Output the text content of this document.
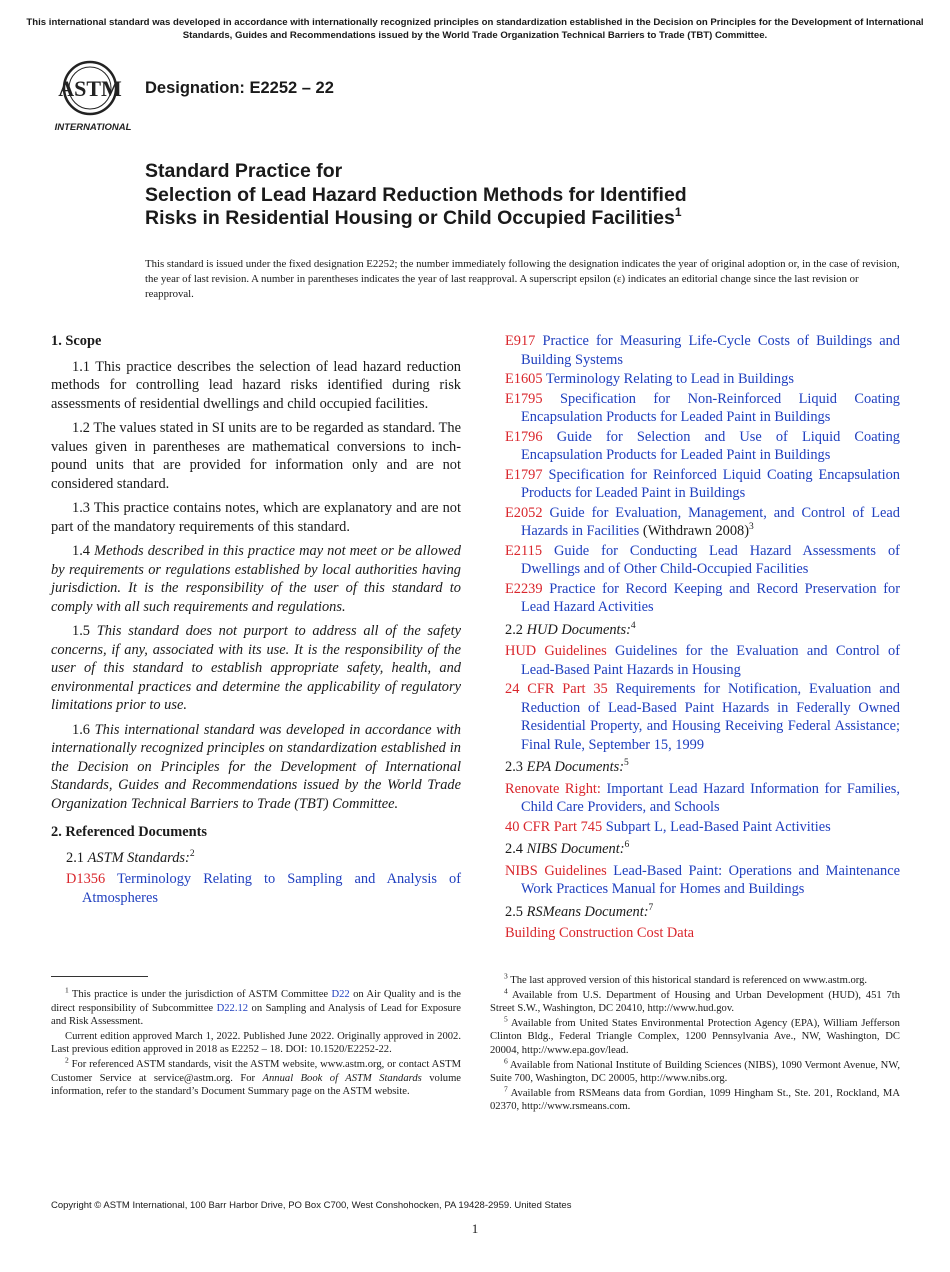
This international standard was developed in accordance with internationally recognized principles on standardization established in the Decision on Principles for the Development of International Standards, Guides and Recommendations issued by the World Trade Organization Technical Barriers to Trade (TBT) Committee.
ASTM
INTERNATIONAL
Designation: E2252 – 22
Standard Practice for
Selection of Lead Hazard Reduction Methods for Identified
Risks in Residential Housing or Child Occupied Facilities$^1$
This standard is issued under the fixed designation E2252; the number immediately following the designation indicates the year of original adoption or, in the case of revision, the year of last revision. A number in parentheses indicates the year of last reapproval. A superscript epsilon (ε) indicates an editorial change since the last revision or reapproval.
1. Scope

1.1 This practice describes the selection of lead hazard reduction methods for controlling lead hazard risks identified during risk assessments of residential dwellings and child occupied facilities.

1.2 The values stated in SI units are to be regarded as standard. The values given in parentheses are mathematical conversions to inch-pound units that are provided for information only and are not considered standard.

1.3 This practice contains notes, which are explanatory and are not part of the mandatory requirements of this standard.

1.4 Methods described in this practice may not meet or be allowed by requirements or regulations established by local authorities having jurisdiction. It is the responsibility of the user of this standard to comply with all such requirements and regulations.

1.5 This standard does not purport to address all of the safety concerns, if any, associated with its use. It is the responsibility of the user of this standard to establish appropriate safety, health, and environmental practices and determine the applicability of regulatory limitations prior to use.

1.6 This international standard was developed in accordance with internationally recognized principles on standardization established in the Decision on Principles for the Development of International Standards, Guides and Recommendations issued by the World Trade Organization Technical Barriers to Trade (TBT) Committee.

2. Referenced Documents
2.1 ASTM Standards:$^2$

D1356 Terminology Relating to Sampling and Analysis of Atmospheres

E917 Practice for Measuring Life-Cycle Costs of Buildings and Building Systems

E1605 Terminology Relating to Lead in Buildings

E1795 Specification for Non-Reinforced Liquid Coating Encapsulation Products for Leaded Paint in Buildings

E1796 Guide for Selection and Use of Liquid Coating Encapsulation Products for Leaded Paint in Buildings

E1797 Specification for Reinforced Liquid Coating Encapsulation Products for Leaded Paint in Buildings

E2052 Guide for Evaluation, Management, and Control of Lead Hazards in Facilities (Withdrawn 2008)$^3$

E2115 Guide for Conducting Lead Hazard Assessments of Dwellings and of Other Child-Occupied Facilities

E2239 Practice for Record Keeping and Record Preservation for Lead Hazard Activities

2.2 HUD Documents:$^4$

HUD Guidelines Guidelines for the Evaluation and Control of Lead-Based Paint Hazards in Housing

24 CFR Part 35 Requirements for Notification, Evaluation and Reduction of Lead-Based Paint Hazards in Federally Owned Residential Property, and Housing Receiving Federal Assistance; Final Rule, September 15, 1999

2.3 EPA Documents:$^5$

Renovate Right: Important Lead Hazard Information for Families, Child Care Providers, and Schools

40 CFR Part 745 Subpart L, Lead-Based Paint Activities

2.4 NIBS Document:$^6$

NIBS Guidelines Lead-Based Paint: Operations and Maintenance Work Practices Manual for Homes and Buildings

2.5 RSMeans Document:$^7$

Building Construction Cost Data

$^1$ This practice is under the jurisdiction of ASTM Committee D22 on Air Quality and is the direct responsibility of Subcommittee D22.12 on Sampling and Analysis of Lead for Exposure and Risk Assessment.

Current edition approved March 1, 2022. Published June 2022. Originally approved in 2002. Last previous edition approved in 2018 as E2252 – 18. DOI: 10.1520/E2252-22.

$^2$ For referenced ASTM standards, visit the ASTM website, www.astm.org, or contact ASTM Customer Service at service@astm.org. For Annual Book of ASTM Standards volume information, refer to the standard’s Document Summary page on the ASTM website.

$^3$ The last approved version of this historical standard is referenced on www.astm.org.

$^4$ Available from U.S. Department of Housing and Urban Development (HUD), 451 7th Street S.W., Washington, DC 20410, http://www.hud.gov.

$^5$ Available from United States Environmental Protection Agency (EPA), William Jefferson Clinton Bldg., Federal Triangle Complex, 1200 Pennsylvania Ave., NW, Washington, DC 20004, http://www.epa.gov/lead.

$^6$ Available from National Institute of Building Sciences (NIBS), 1090 Vermont Avenue, NW, Suite 700, Washington, DC 20005, http://www.nibs.org.

$^7$ Available from RSMeans data from Gordian, 1099 Hingham St., Ste. 201, Rockland, MA 02370, http://www.rsmeans.com.

Copyright © ASTM International, 100 Barr Harbor Drive, PO Box C700, West Conshohocken, PA 19428-2959. United States
1
